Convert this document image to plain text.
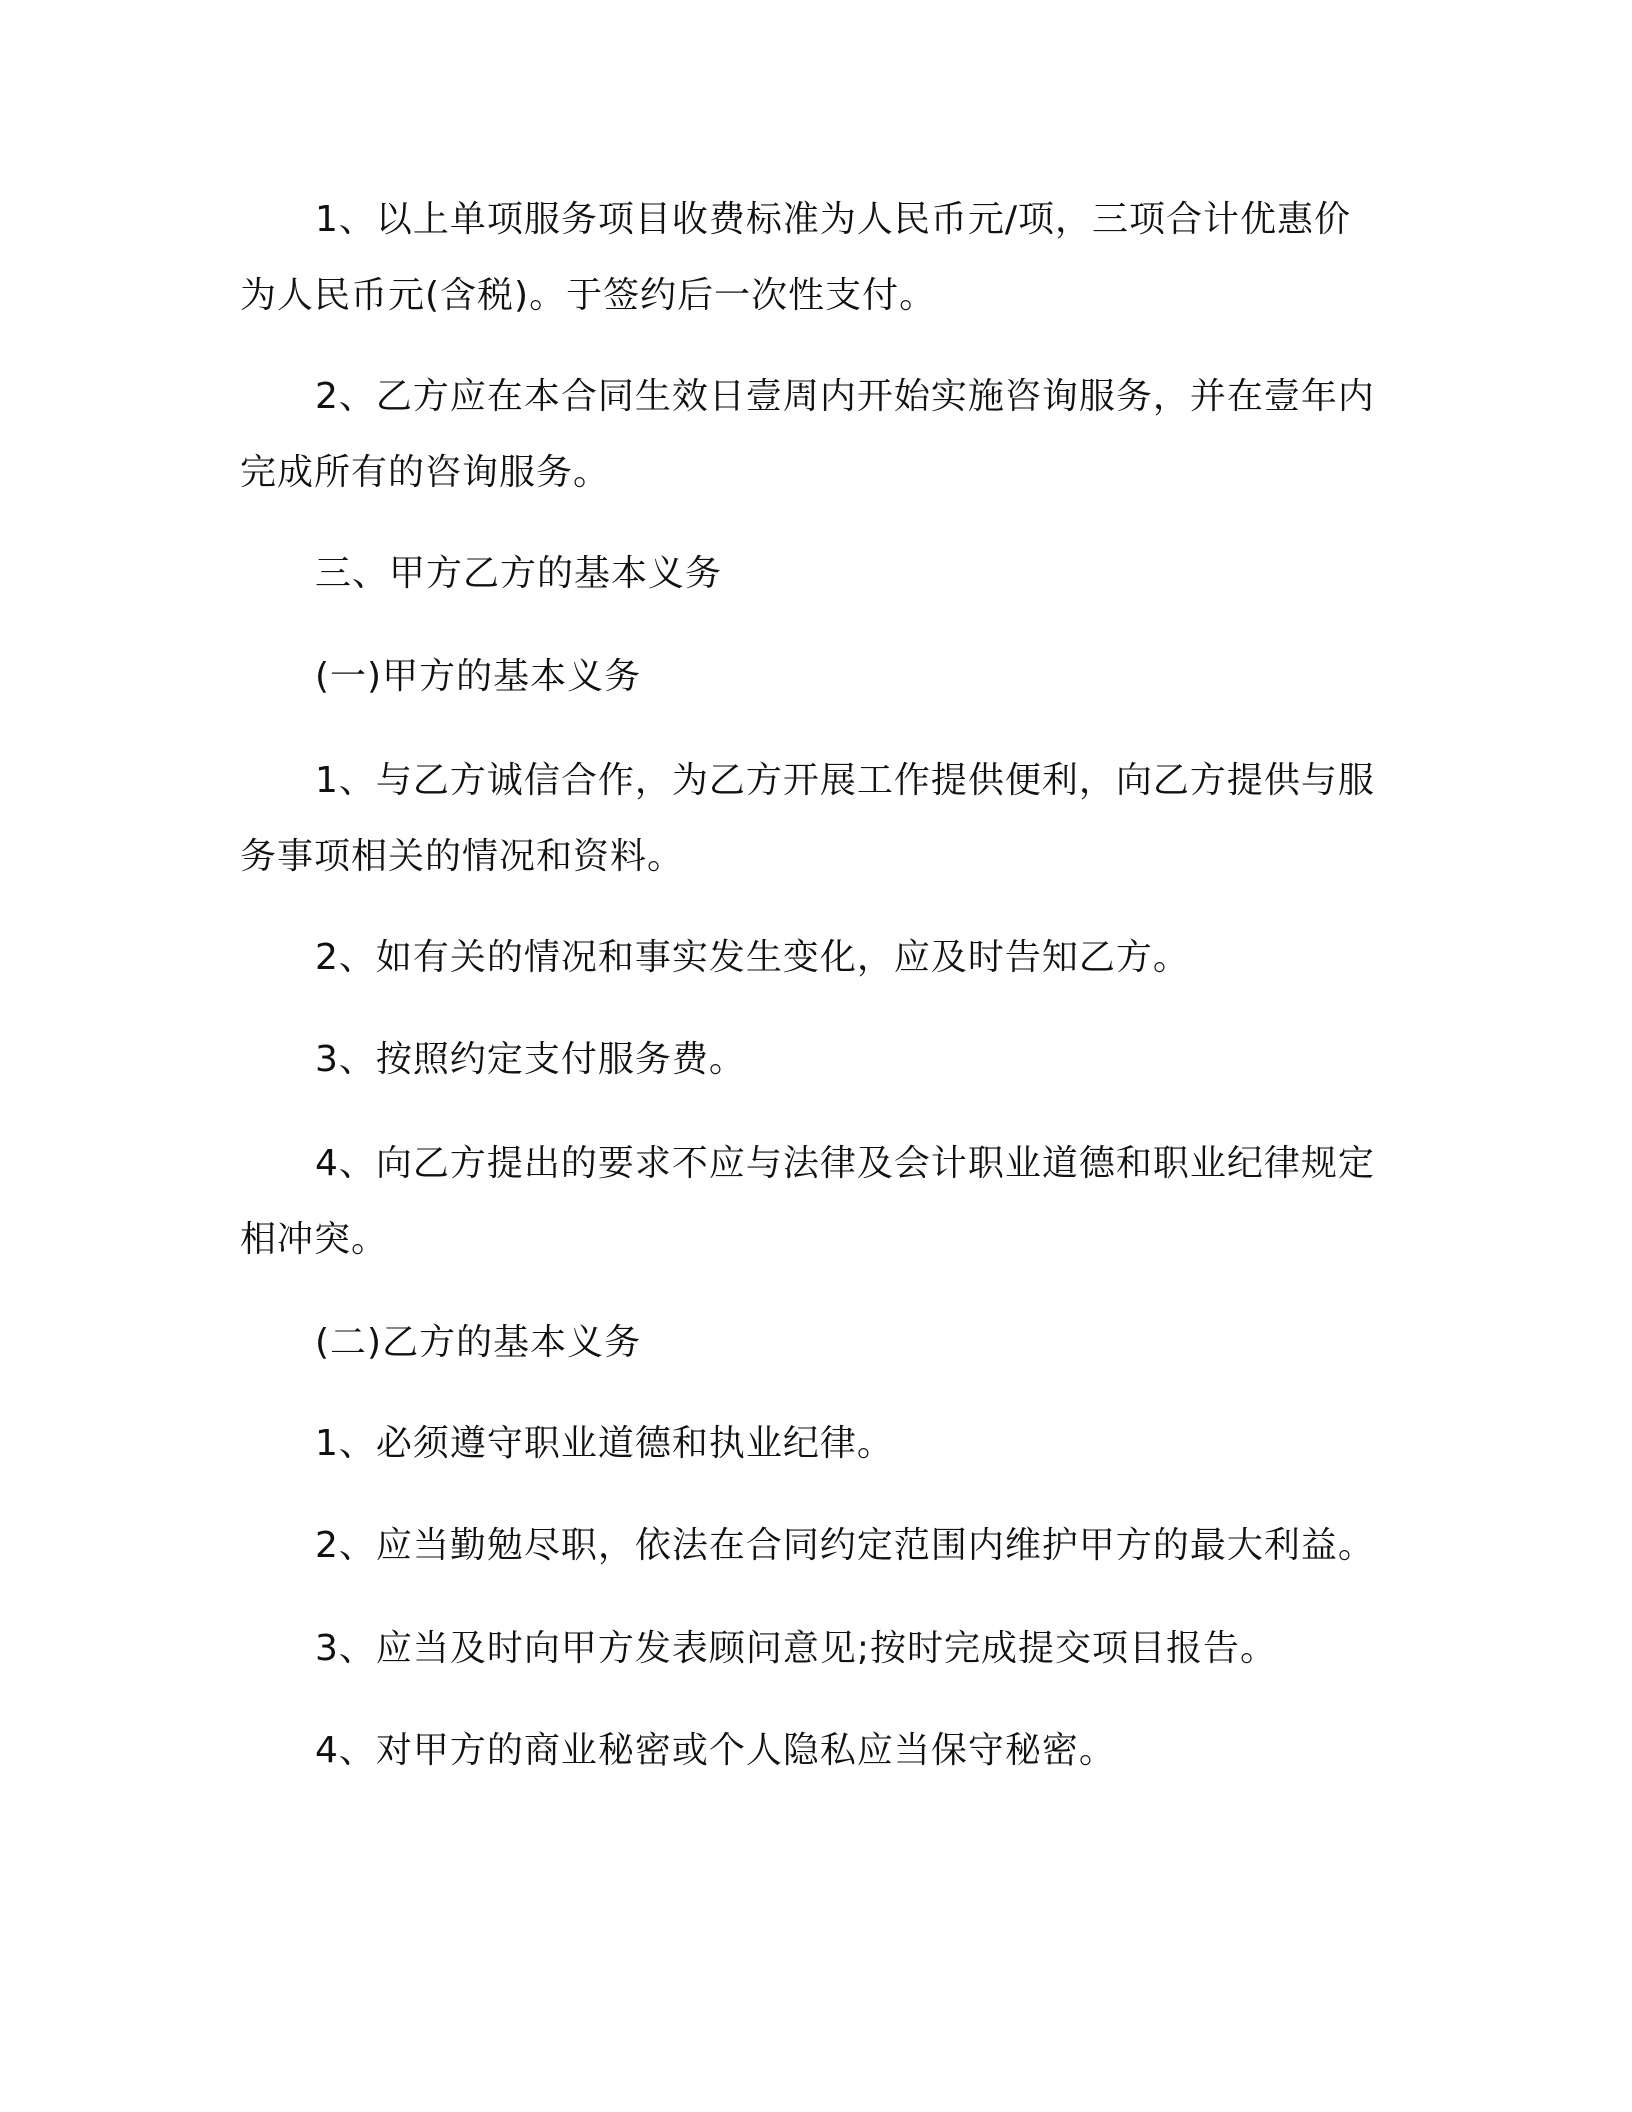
1、以上单项服务项目收费标准为人民币元/项，三项合计优惠价
为人民币元(含税)。于签约后一次性支付。
2、乙方应在本合同生效日壹周内开始实施咨询服务，并在壹年内
完成所有的咨询服务。
三、甲方乙方的基本义务
(一)甲方的基本义务
1、与乙方诚信合作，为乙方开展工作提供便利，向乙方提供与服
务事项相关的情况和资料。
2、如有关的情况和事实发生变化，应及时告知乙方。
3、按照约定支付服务费。
4、向乙方提出的要求不应与法律及会计职业道德和职业纪律规定
相冲突。
(二)乙方的基本义务
1、必须遵守职业道德和执业纪律。
2、应当勤勉尽职，依法在合同约定范围内维护甲方的最大利益。
3、应当及时向甲方发表顾问意见;按时完成提交项目报告。
4、对甲方的商业秘密或个人隐私应当保守秘密。
